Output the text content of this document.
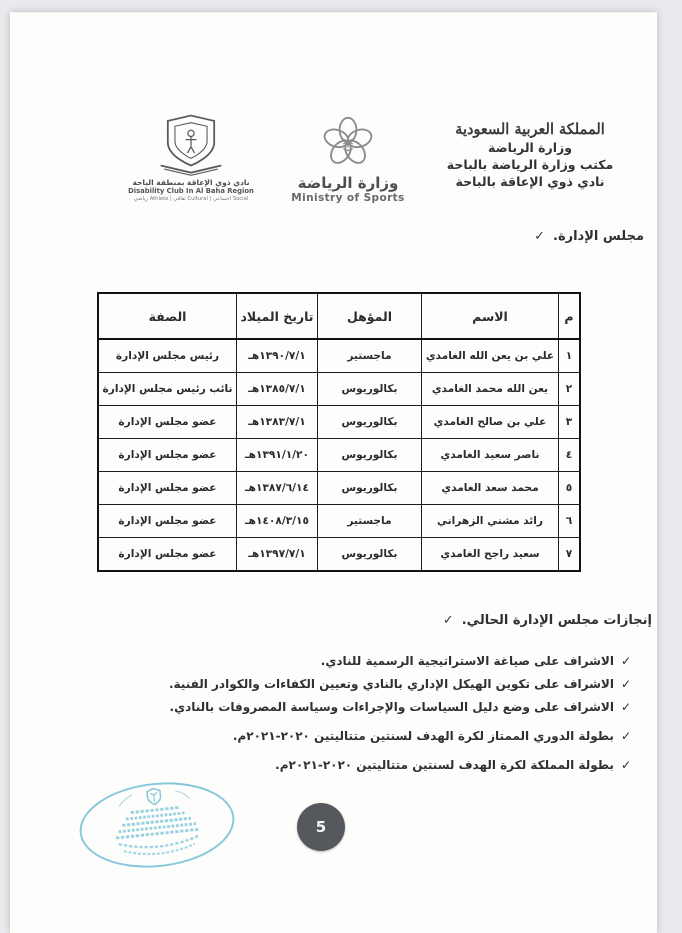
نادي ذوي الإعاقة بمنطقة الباحة
Disability Club In Al Baha Region
رياضي Athlete | ثقافي Cultural | اجتماعي Social
وزارة الرياضة
Ministry of Sports
المملكة العربية السعودية
وزارة الرياضة
مكتب وزارة الرياضة بالباحة
نادي ذوي الإعاقة بالباحة
مجلس الإدارة.
✓
م	الاسم	المؤهل	تاريخ الميلاد	الصفة
١	علي بن يعن الله الغامدي	ماجستير	١٣٩٠/٧/١هـ	رئيس مجلس الإدارة
٢	يعن الله محمد الغامدي	بكالوريوس	١٣٨٥/٧/١هـ	نائب رئيس مجلس الإدارة
٣	علي بن صالح الغامدي	بكالوريوس	١٣٨٣/٧/١هـ	عضو مجلس الإدارة
٤	ناصر سعيد الغامدي	بكالوريوس	١٣٩١/١/٢٠هـ	عضو مجلس الإدارة
٥	محمد سعد الغامدي	بكالوريوس	١٣٨٧/٦/١٤هـ	عضو مجلس الإدارة
٦	رائد مشني الزهراني	ماجستير	١٤٠٨/٣/١٥هـ	عضو مجلس الإدارة
٧	سعيد راجح الغامدي	بكالوريوس	١٣٩٧/٧/١هـ	عضو مجلس الإدارة
إنجازات مجلس الإدارة الحالي.
✓
✓
الاشراف على صياغة الاستراتيجية الرسمية للنادي.
✓
الاشراف على تكوين الهيكل الإداري بالنادي وتعيين الكفاءات والكوادر الفنية.
✓
الاشراف على وضع دليل السياسات والإجراءات وسياسة المصروفات بالنادي.
✓
بطولة الدوري الممتاز لكرة الهدف لسنتين متتاليتين ٢٠٢٠-٢٠٢١م.
✓
بطولة المملكة لكرة الهدف لسنتين متتاليتين ٢٠٢٠-٢٠٢١م.
5
